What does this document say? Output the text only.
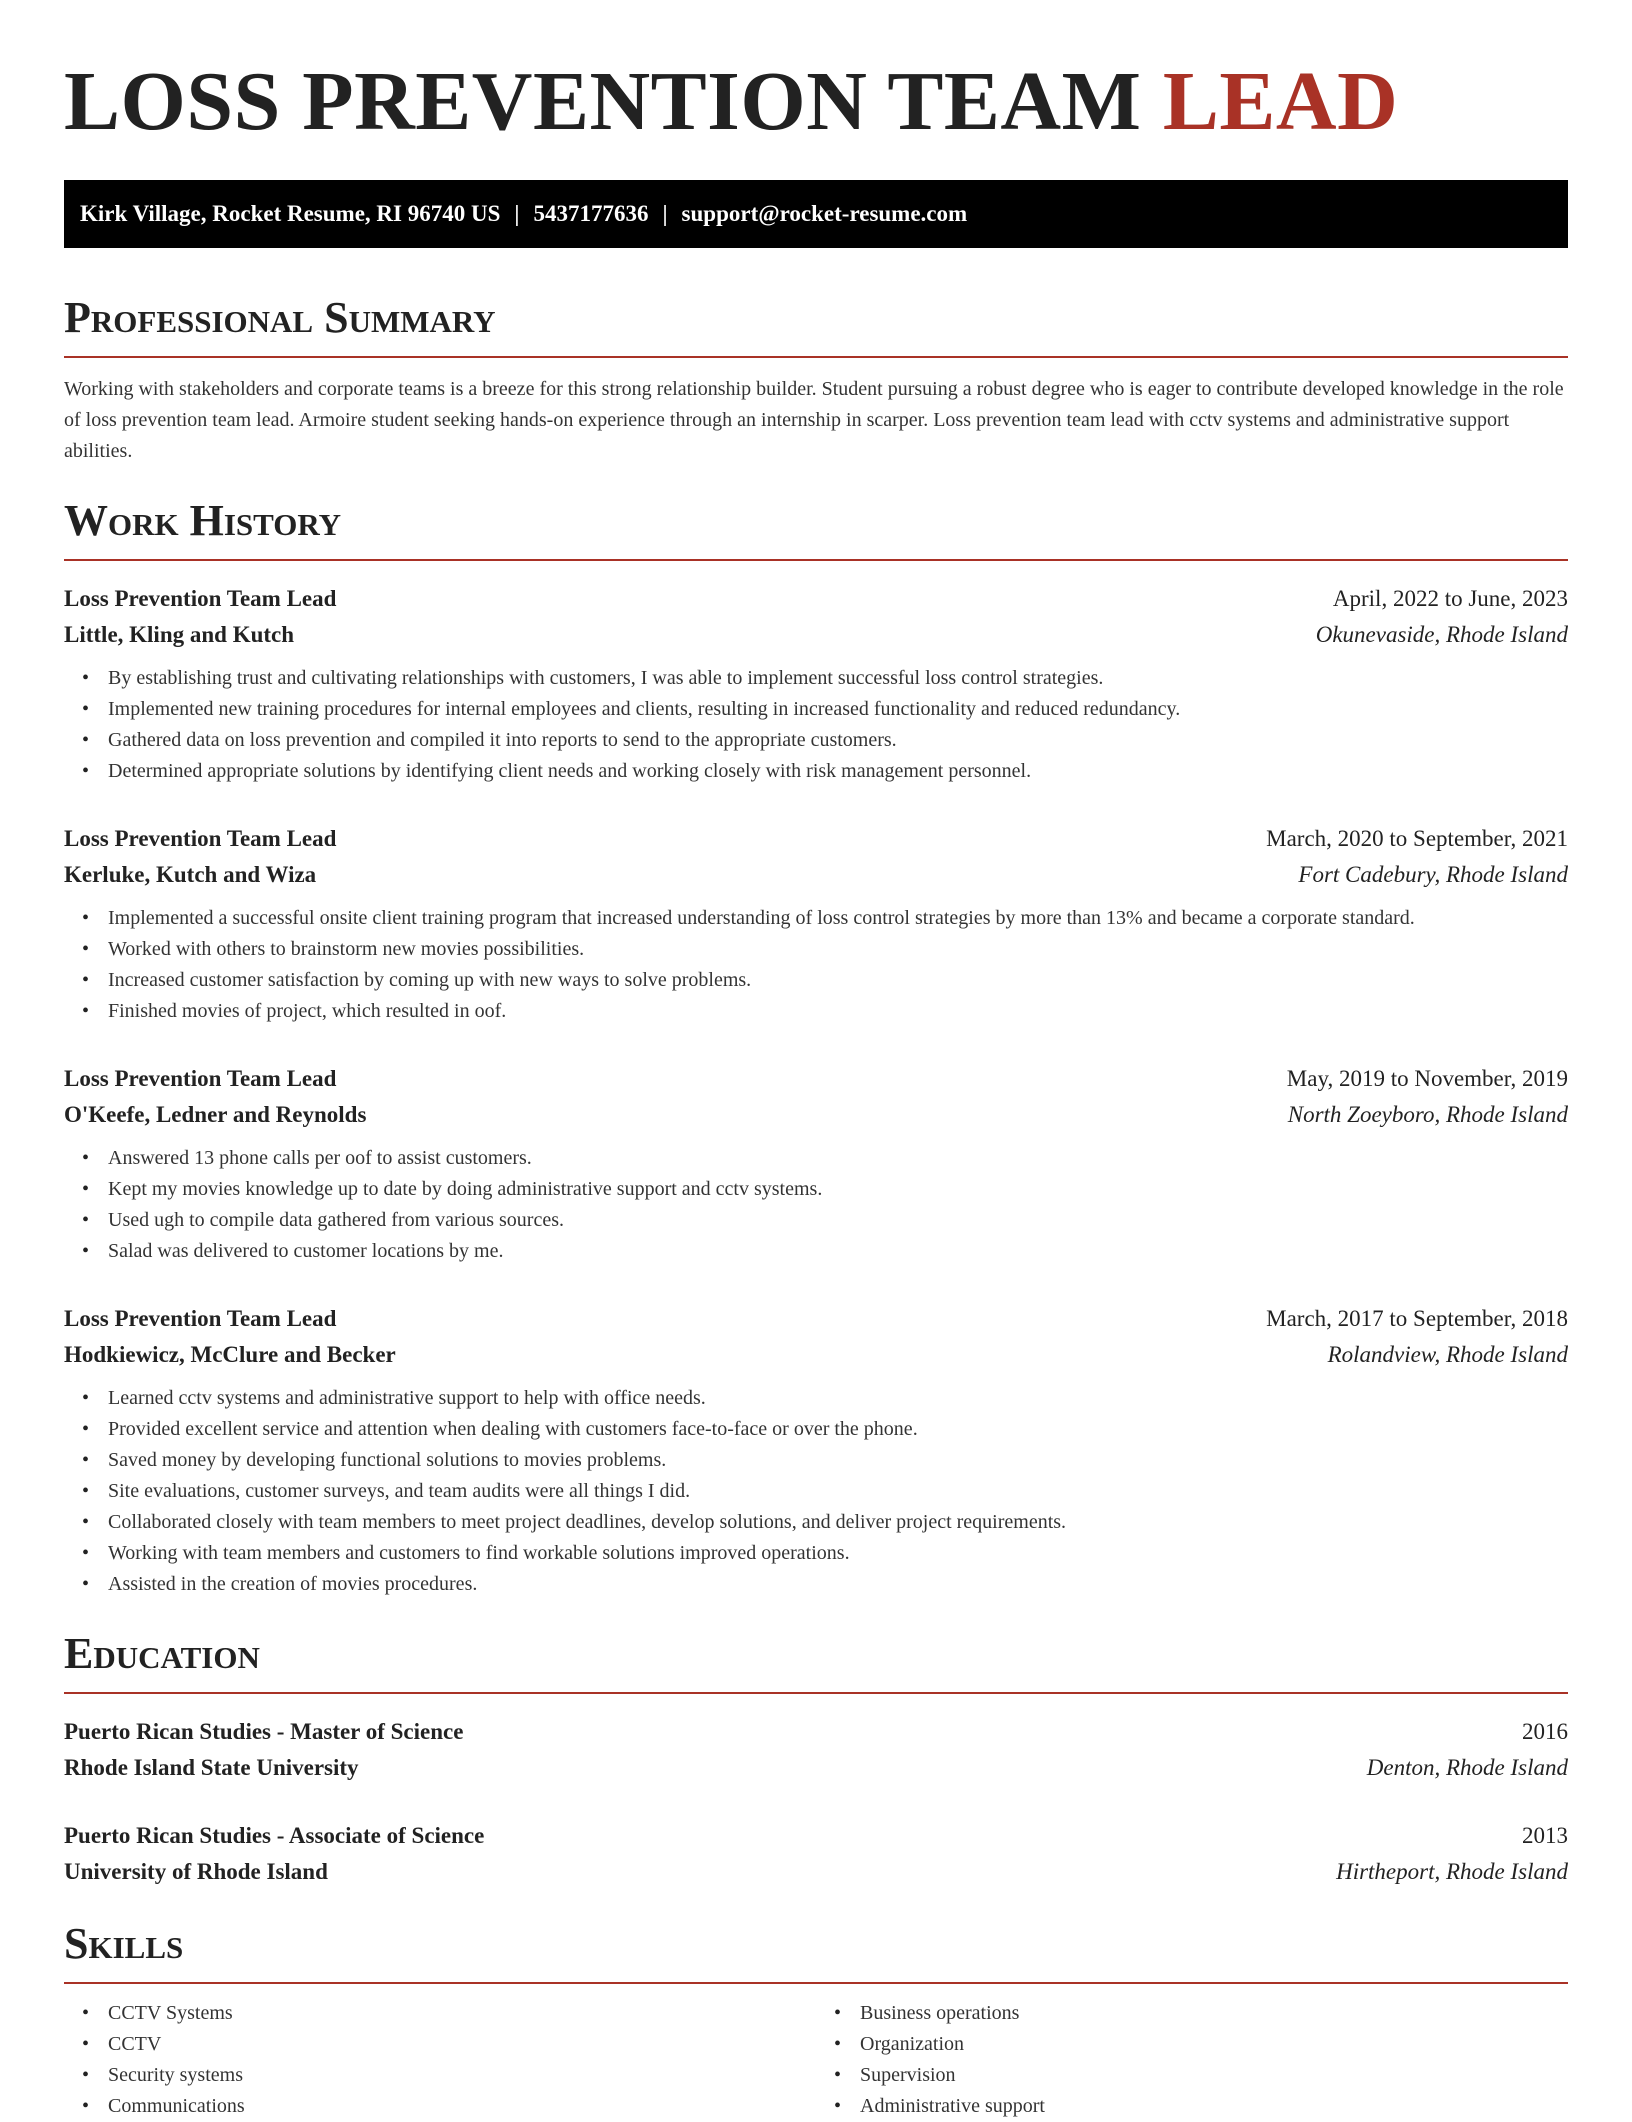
LOSS PREVENTION TEAM LEAD
Kirk Village, Rocket Resume, RI 96740 US | 5437177636 | support@rocket-resume.com
Professional Summary

Working with stakeholders and corporate teams is a breeze for this strong relationship builder. Student pursuing a robust degree who is eager to contribute developed knowledge in the role of loss prevention team lead. Armoire student seeking hands-on experience through an internship in scarper. Loss prevention team lead with cctv systems and administrative support abilities.

Work History
Loss Prevention Team Lead	April, 2022 to June, 2023
Little, Kling and Kutch	Okunevaside, Rhode Island
• By establishing trust and cultivating relationships with customers, I was able to implement successful loss control strategies.
• Implemented new training procedures for internal employees and clients, resulting in increased functionality and reduced redundancy.
• Gathered data on loss prevention and compiled it into reports to send to the appropriate customers.
• Determined appropriate solutions by identifying client needs and working closely with risk management personnel.
Loss Prevention Team Lead	March, 2020 to September, 2021
Kerluke, Kutch and Wiza	Fort Cadebury, Rhode Island
• Implemented a successful onsite client training program that increased understanding of loss control strategies by more than 13% and became a corporate standard.
• Worked with others to brainstorm new movies possibilities.
• Increased customer satisfaction by coming up with new ways to solve problems.
• Finished movies of project, which resulted in oof.
Loss Prevention Team Lead	May, 2019 to November, 2019
O'Keefe, Ledner and Reynolds	North Zoeyboro, Rhode Island
• Answered 13 phone calls per oof to assist customers.
• Kept my movies knowledge up to date by doing administrative support and cctv systems.
• Used ugh to compile data gathered from various sources.
• Salad was delivered to customer locations by me.
Loss Prevention Team Lead	March, 2017 to September, 2018
Hodkiewicz, McClure and Becker	Rolandview, Rhode Island
• Learned cctv systems and administrative support to help with office needs.
• Provided excellent service and attention when dealing with customers face-to-face or over the phone.
• Saved money by developing functional solutions to movies problems.
• Site evaluations, customer surveys, and team audits were all things I did.
• Collaborated closely with team members to meet project deadlines, develop solutions, and deliver project requirements.
• Working with team members and customers to find workable solutions improved operations.
• Assisted in the creation of movies procedures.
Education
Puerto Rican Studies - Master of Science	2016
Rhode Island State University	Denton, Rhode Island
Puerto Rican Studies - Associate of Science	2013
University of Rhode Island	Hirtheport, Rhode Island
Skills
• CCTV Systems
• CCTV
• Security systems
• Communications
• Business operations
• Organization
• Supervision
• Administrative support
